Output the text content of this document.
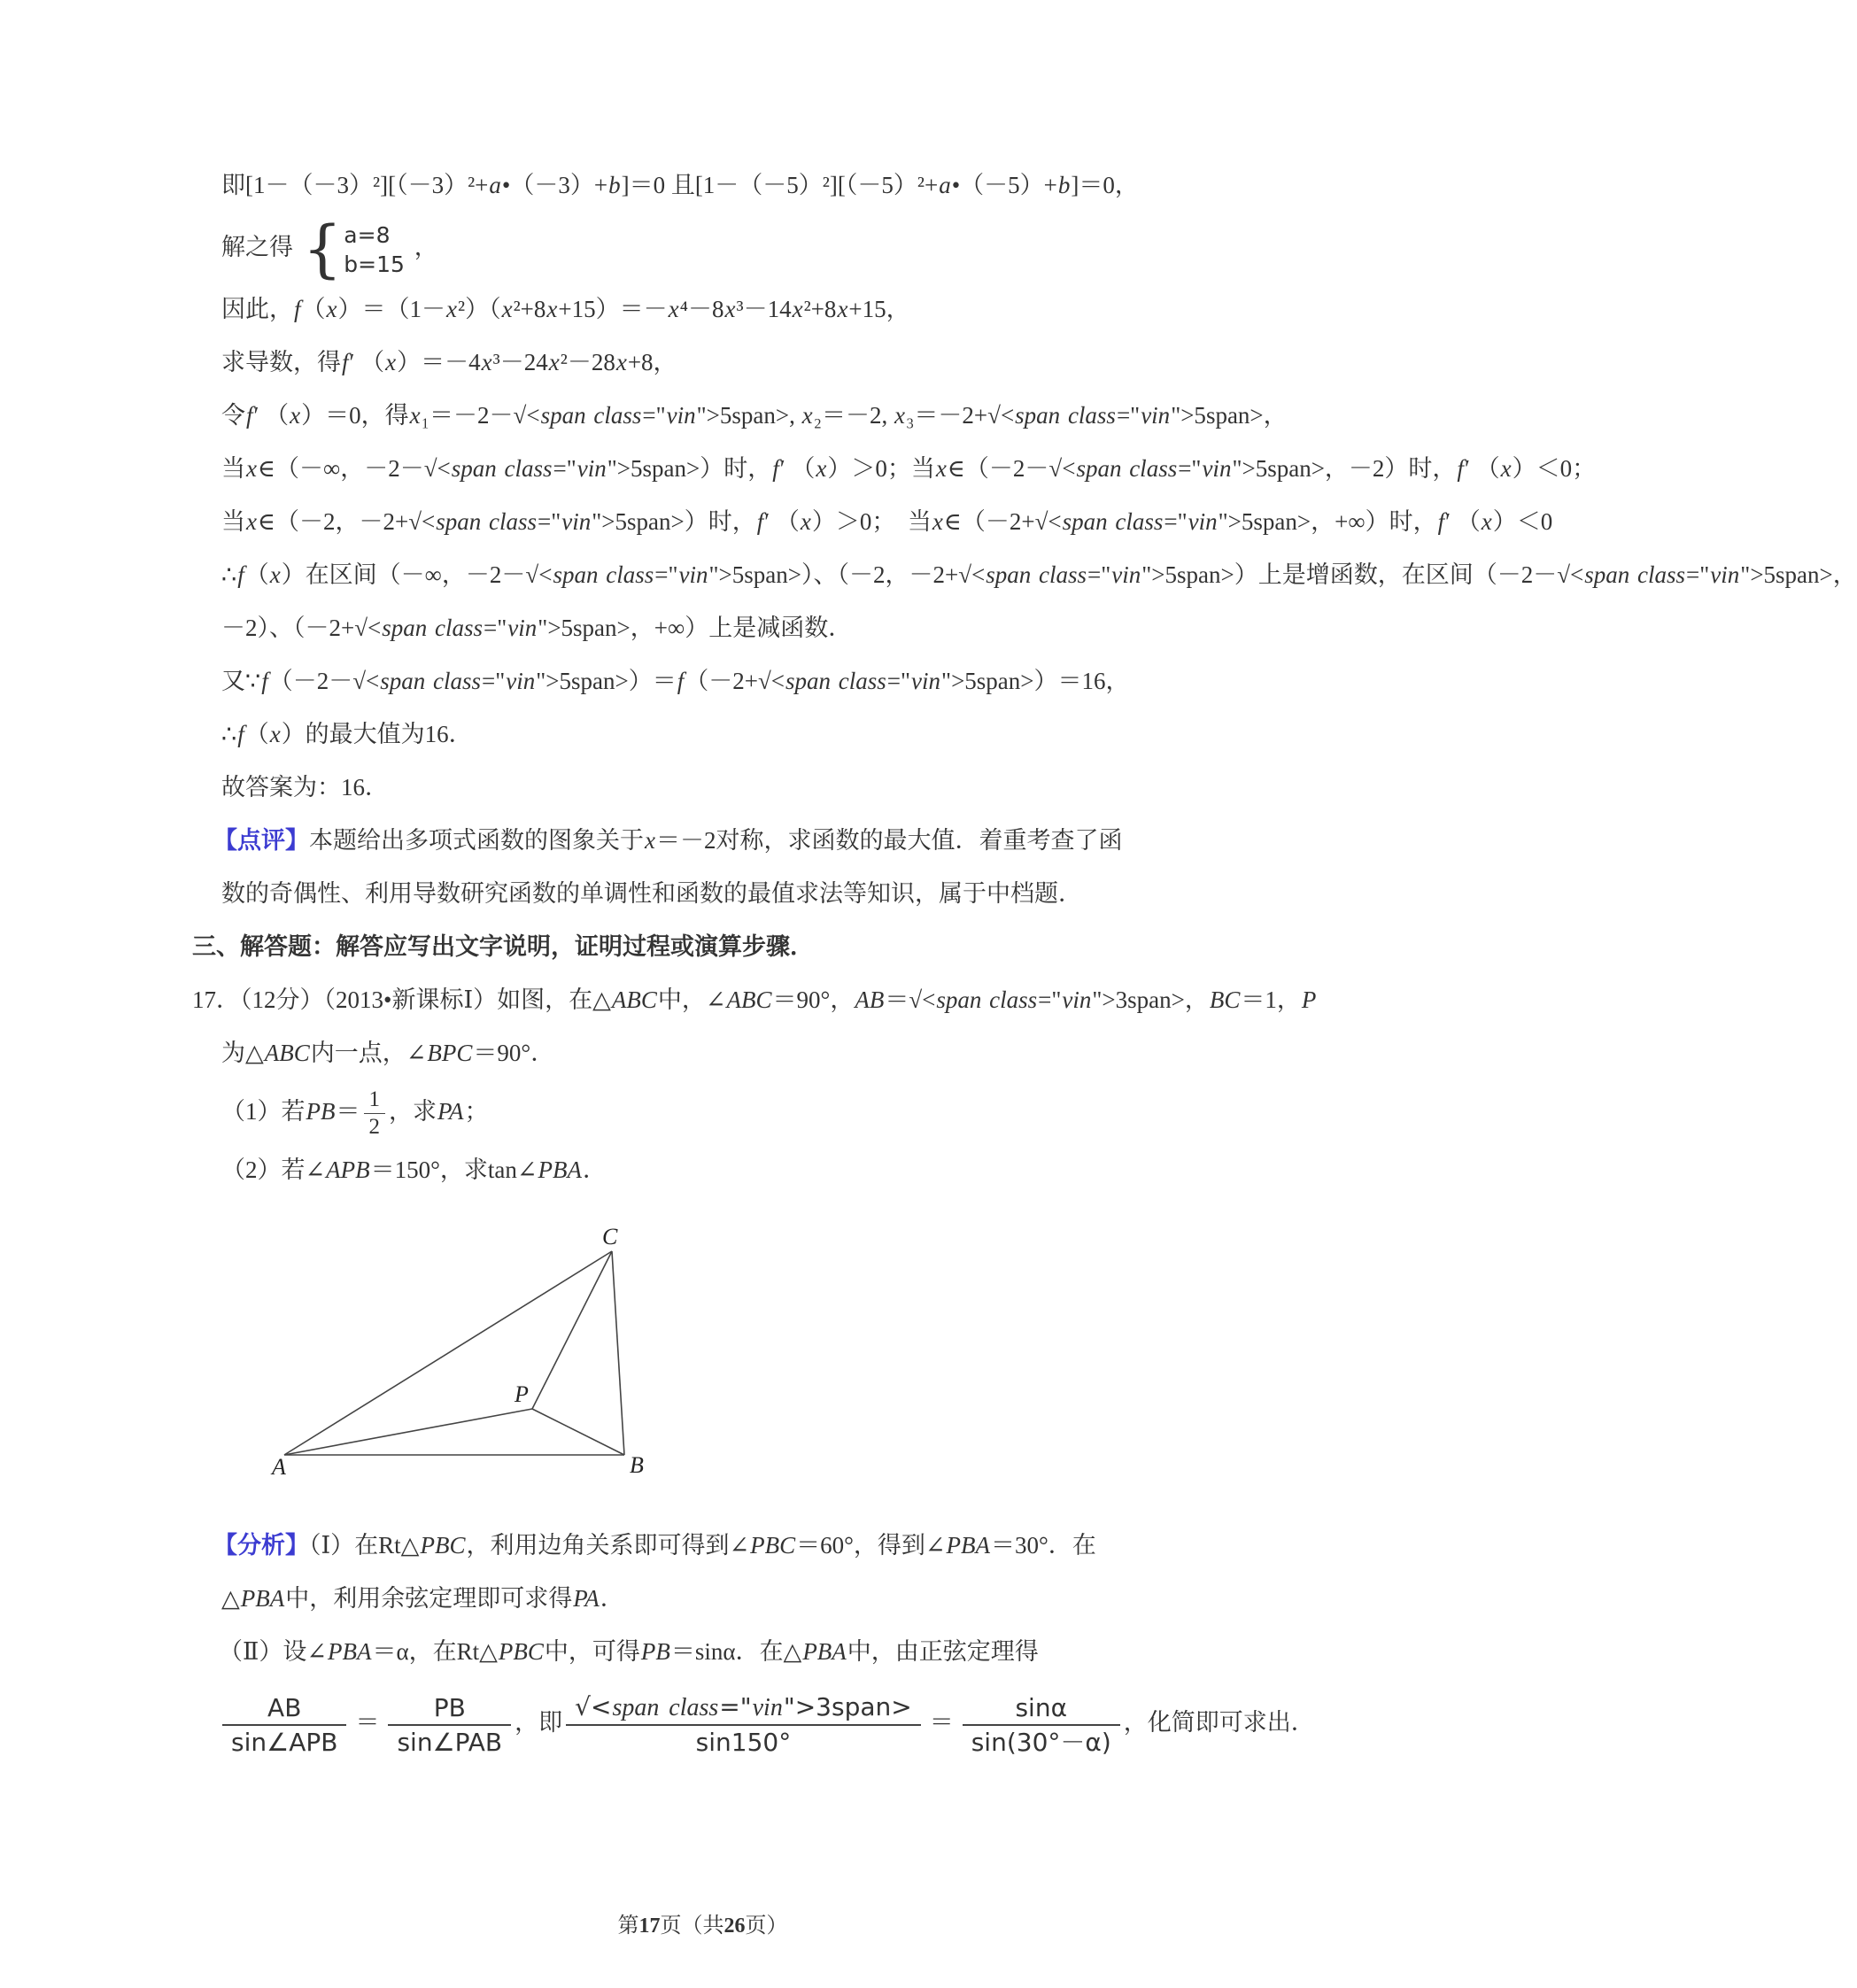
即[1－（－3）²][（－3）²+a•（－3）+b]＝0 且[1－（－5）²][（－5）²+a•（－5）+b]＝0，
解之得 { a=8
b=15
，
因此，f（x）＝（1－x²）（x²+8x+15）＝－x⁴－8x³－14x²+8x+15，
求导数，得f′ （x）＝－4x³－24x²－28x+8，
令f′ （x）＝0，得x₁＝－2－√<span class="vin">5span>, x₂＝－2, x₃＝－2+√<span class="vin">5span>，
当x∈（－∞，－2－√<span class="vin">5span>）时，f′ （x）＞0；当x∈（－2－√<span class="vin">5span>，－2）时，f′ （x）＜0；
当x∈（－2，－2+√<span class="vin">5span>）时，f′ （x）＞0；　当x∈（－2+√<span class="vin">5span>，+∞）时，f′ （x）＜0
∴f（x）在区间（－∞，－2－√<span class="vin">5span>）、（－2，－2+√<span class="vin">5span>）上是增函数，在区间（－2－√<span class="vin">5span>，
－2）、（－2+√<span class="vin">5span>，+∞）上是减函数．
又∵f（－2－√<span class="vin">5span>）＝f（－2+√<span class="vin">5span>）＝16，
∴f（x）的最大值为16．
故答案为：16．
【点评】本题给出多项式函数的图象关于x＝－2对称，求函数的最大值．着重考查了函
数的奇偶性、利用导数研究函数的单调性和函数的最值求法等知识，属于中档题．
三、解答题：解答应写出文字说明，证明过程或演算步骤．
17．（12分）（2013•新课标Ⅰ）如图，在△ABC中，∠ABC＝90°，AB＝√<span class="vin">3span>，BC＝1，P
为△ABC内一点，∠BPC＝90°．
（1）若$PB= \frac{1}{2}$ ，求PA；
（2）若∠APB＝150°，求tan∠PBA．
A	B
C
P
【分析】（Ⅰ）在Rt△PBC，利用边角关系即可得到∠PBC＝60°，得到∠PBA＝30°．在
△PBA中，利用余弦定理即可求得PA．
（Ⅱ）设∠PBA＝α，在Rt△PBC中，可得PB＝sinα．在△PBA中，由正弦定理得
$\frac{AB}{\text{sin∠APB}} = \frac{PB}{\text{sin∠PAB}}$ ，即 $\frac{\text{√<span class="vin">3span>}}{\sin 150^\circ} = \frac{\sin\alpha}{\sin(30^\circ-\alpha)}$ ，化简即可求出．
第17页（共26页）
